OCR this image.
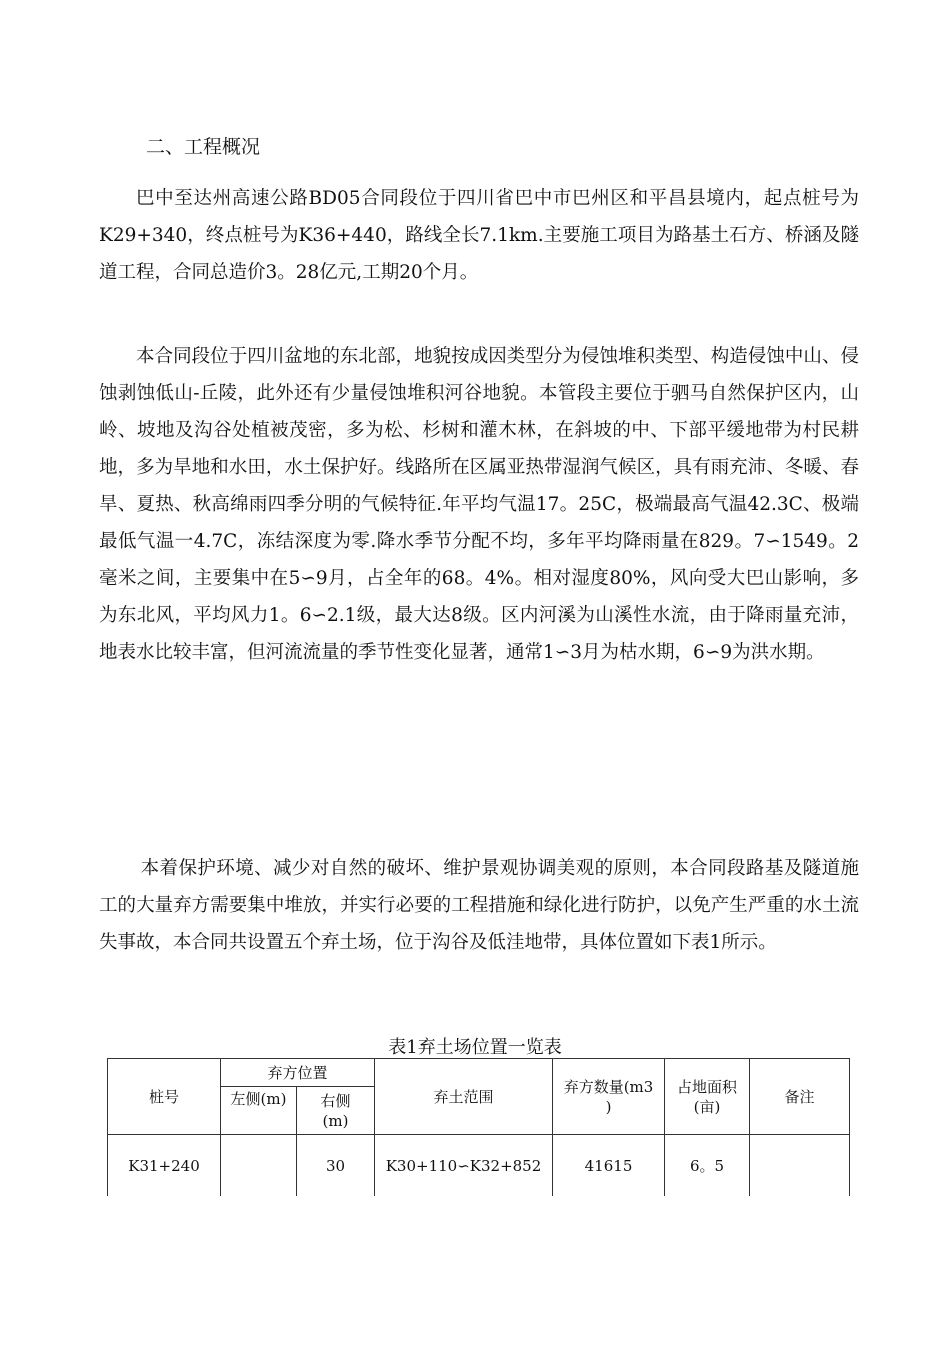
二、工程概况

巴中至达州高速公路BD05合同段位于四川省巴中市巴州区和平昌县境内，起点桩号为K29+340，终点桩号为K36+440，路线全长7.1km.主要施工项目为路基土石方、桥涵及隧道工程，合同总造价3。28亿元,工期20个月。

本合同段位于四川盆地的东北部，地貌按成因类型分为侵蚀堆积类型、构造侵蚀中山、侵蚀剥蚀低山-丘陵，此外还有少量侵蚀堆积河谷地貌。本管段主要位于驷马自然保护区内，山岭、坡地及沟谷处植被茂密，多为松、杉树和灌木林，在斜坡的中、下部平缓地带为村民耕地，多为旱地和水田，水土保护好。线路所在区属亚热带湿润气候区，具有雨充沛、冬暖、春旱、夏热、秋高绵雨四季分明的气候特征.年平均气温17。25C，极端最高气温42.3C、极端最低气温一4.7C，冻结深度为零.降水季节分配不均，多年平均降雨量在829。7∽1549。2毫米之间，主要集中在5∽9月，占全年的68。4%。相对湿度80%，风向受大巴山影响，多为东北风，平均风力1。6∽2.1级，最大达8级。区内河溪为山溪性水流，由于降雨量充沛，地表水比较丰富，但河流流量的季节性变化显著，通常1∽3月为枯水期，6∽9为洪水期。

本着保护环境、减少对自然的破坏、维护景观协调美观的原则，本合同段路基及隧道施工的大量弃方需要集中堆放，并实行必要的工程措施和绿化进行防护，以免产生严重的水土流失事故，本合同共设置五个弃土场，位于沟谷及低洼地带，具体位置如下表1所示。

表1弃土场位置一览表
桩号	弃方位置		弃土范围	弃方数量(m3 )	占地面积(亩)	备注
	左侧(m)	右侧(m)				
K31+240		30	K30+110∽K32+852	41615	6。5	
